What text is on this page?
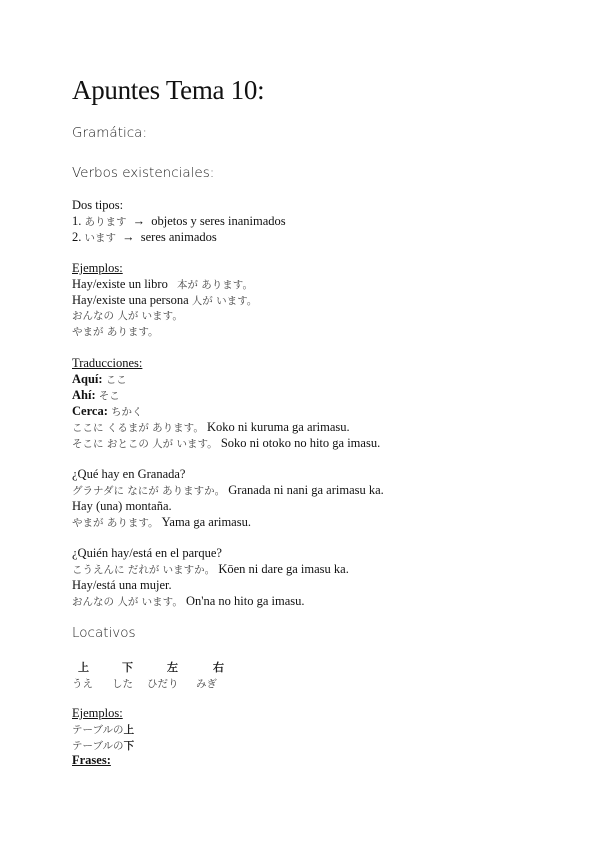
Apuntes Tema 10:
Gramática:
Verbos existenciales:
Dos tipos:
1. あります → objetos y seres inanimados
2. います → seres animados
Ejemplos:
Hay/existe un libro 本が あります。
Hay/existe una persona 人が います。
おんなの 人が います。
やまが あります。
Traducciones:
Aquí: ここ
Ahí: そこ
Cerca: ちかく
ここに くるまが あります。 Koko ni kuruma ga arimasu.
そこに おとこの 人が います。 Soko ni otoko no hito ga imasu.
¿Qué hay en Granada?
グラナダに なにが ありますか。 Granada ni nani ga arimasu ka.
Hay (una) montaña.
やまが あります。 Yama ga arimasu.
¿Quién hay/está en el parque?
こうえんに だれが いますか。 Kōen ni dare ga imasu ka.
Hay/está una mujer.
おんなの 人が います。 On'na no hito ga imasu.
Locativos
上	下	左	右
うえ した ひだり みぎ
Ejemplos:
テーブルの上
テーブルの下
Frases:
